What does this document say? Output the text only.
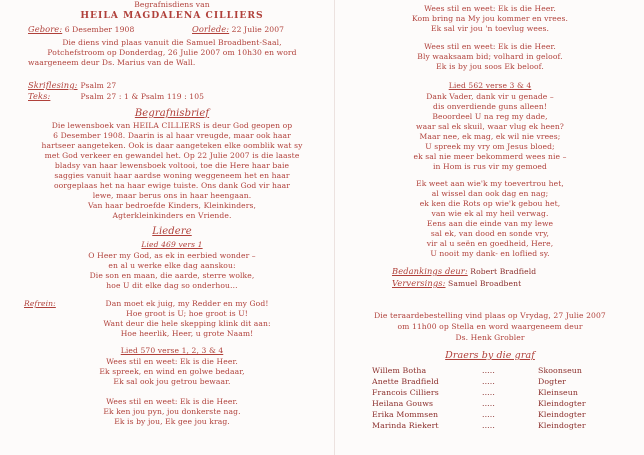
Begrafnisdiens van
HEILA MAGDALENA CILLIERS
Gebore: 6 Desember 1908	Oorlede: 22 Julie 2007
Die diens vind plaas vanuit die Samuel Broadbent-Saal,
Potchefstroom op Donderdag, 26 Julie 2007 om 10h30 en word
waargeneem deur Ds. Marius van de Wall.
Skriflesing: Psalm 27
Teks:	Psalm 27 : 1 & Psalm 119 : 105
Begrafnisbrief
Die lewensboek van HEILA CILLIERS is deur God geopen op
6 Desember 1908. Daarin is al haar vreugde, maar ook haar
hartseer aangeteken. Ook is daar aangeteken elke oomblik wat sy
met God verkeer en gewandel het. Op 22 Julie 2007 is die laaste
bladsy van haar lewensboek voltooi, toe die Here haar baie
saggies vanuit haar aardse woning weggeneem het en haar
oorgeplaas het na haar ewige tuiste. Ons dank God vir haar
lewe, maar berus ons in haar heengaan.
Van haar bedroefde Kinders, Kleinkinders,
Agterkleinkinders en Vriende.
Liedere
Lied 469 vers 1
O Heer my God, as ek in eerbied wonder –
en al u werke elke dag aanskou:
Die son en maan, die aarde, sterre wolke,
hoe U dit elke dag so onderhou…
Refrein:	Dan moet ek juig, my Redder en my God!
Hoe groot is U; hoe groot is U!
Want deur die hele skepping klink dit aan:
Hoe heerlik, Heer, u grote Naam!
Lied 570 verse 1, 2, 3 & 4
Wees stil en weet: Ek is die Heer.
Ek spreek, en wind en golwe bedaar,
Ek sal ook jou getrou bewaar.
Wees stil en weet: Ek is die Heer.
Ek ken jou pyn, jou donkerste nag.
Ek is by jou, Ek gee jou krag.
Wees stil en weet: Ek is die Heer.
Kom bring na My jou kommer en vrees.
Ek sal vir jou 'n toevlug wees.
Wees stil en weet: Ek is die Heer.
Bly waaksaam bid; volhard in geloof.
Ek is by jou soos Ek beloof.
Lied 562 verse 3 & 4
Dank Vader, dank vir u genade –
dis onverdiende guns alleen!
Beoordeel U na reg my dade,
waar sal ek skuil, waar vlug ek heen?
Maar nee, ek mag, ek wil nie vrees;
U spreek my vry om Jesus bloed;
ek sal nie meer bekommerd wees nie –
in Hom is rus vir my gemoed
Ek weet aan wie'k my toevertrou het,
al wissel dan ook dag en nag;
ek ken die Rots op wie'k gebou het,
van wie ek al my heil verwag.
Eens aan die einde van my lewe
sal ek, van dood en sonde vry,
vir al u seën en goedheid, Here,
U nooit my dank- en loflied sy.
Bedankings deur: Robert Bradfield
Verversings: Samuel Broadbent
Die teraardebestelling vind plaas op Vrydag, 27 Julie 2007
om 11h00 op Stella en word waargeneem deur
Ds. Henk Grobler
Draers by die graf
Willem Botha	.....	Skoonseun
Anette Bradfield	.....	Dogter
Francois Cilliers	.....	Kleinseun
Heilana Gouws	.....	Kleindogter
Erika Mommsen	.....	Kleindogter
Marinda Riekert	.....	Kleindogter
